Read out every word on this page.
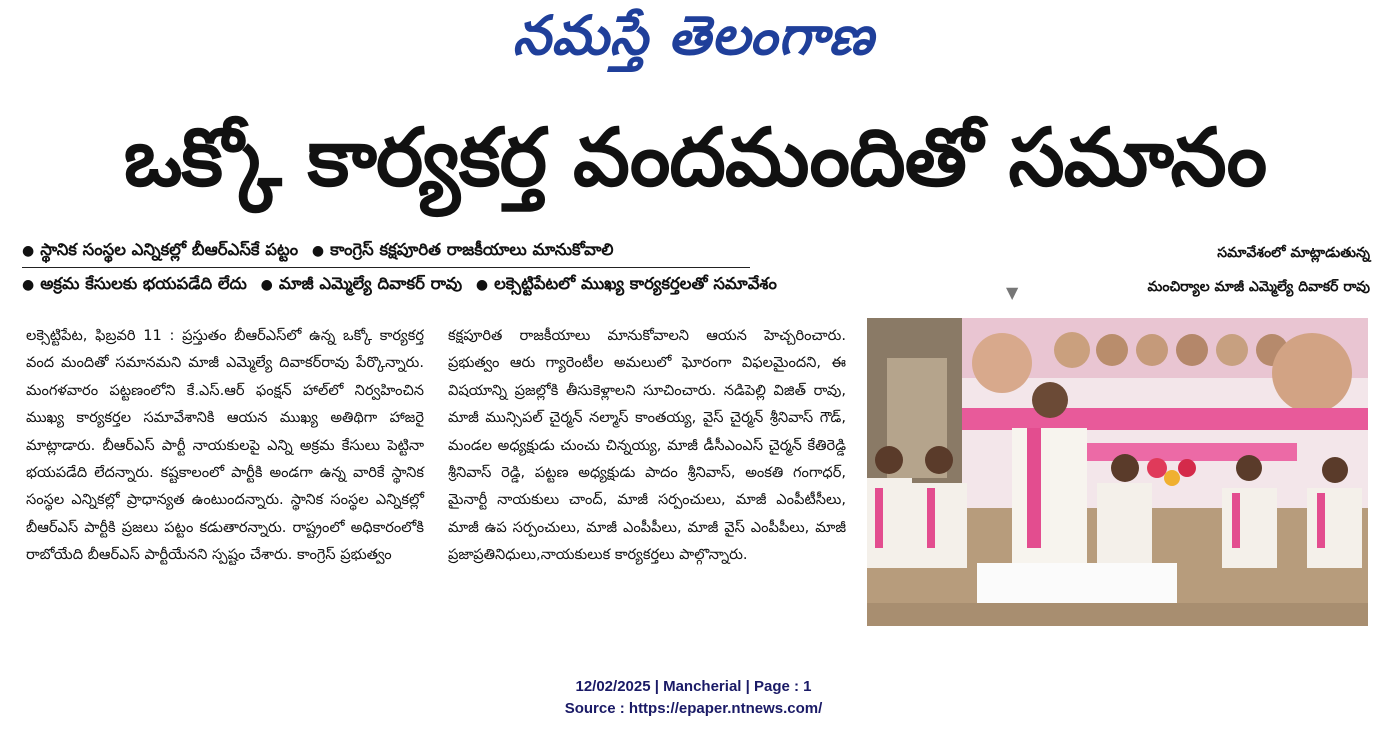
నమస్తే తెలంగాణ
ఒక్కో కార్యకర్త వందమందితో సమానం
● స్థానిక సంస్థల ఎన్నికల్లో బీఆర్ఎస్‌కే పట్టం ● కాంగ్రెస్ కక్షపూరిత రాజకీయాలు మానుకోవాలి
● అక్రమ కేసులకు భయపడేది లేదు ● మాజీ ఎమ్మెల్యే దివాకర్ రావు ● లక్సెట్టిపేటలో ముఖ్య కార్యకర్తలతో సమావేశం	▼
సమావేశంలో మాట్లాడుతున్న
మంచిర్యాల మాజీ ఎమ్మెల్యే దివాకర్ రావు

లక్సెట్టిపేట, ఫిబ్రవరి 11 : ప్రస్తుతం బీఆర్ఎస్‌లో ఉన్న ఒక్కో కార్యకర్త వంద మందితో సమానమని మాజీ ఎమ్మెల్యే దివాకర్‌రావు పేర్కొన్నారు. మంగళవారం పట్టణంలోని కే.ఎస్.ఆర్ ఫంక్షన్ హాల్‌లో నిర్వహించిన ముఖ్య కార్యకర్తల సమావేశానికి ఆయన ముఖ్య అతిథిగా హాజరై మాట్లాడారు. బీఆర్ఎస్ పార్టీ నాయకులపై ఎన్ని అక్రమ కేసులు పెట్టినా భయపడేది లేదన్నారు. కష్టకాలంలో పార్టీకి అండగా ఉన్న వారికే స్థానిక సంస్థల ఎన్నికల్లో ప్రాధాన్యత ఉంటుందన్నారు. స్థానిక సంస్థల ఎన్నికల్లో బీఆర్ఎస్ పార్టీకి ప్రజలు పట్టం కడుతారన్నారు. రాష్ట్రంలో అధికారంలోకి రాబోయేది బీఆర్ఎస్ పార్టీయేనని స్పష్టం చేశారు. కాంగ్రెస్ ప్రభుత్వం

కక్షపూరిత రాజకీయాలు మానుకోవాలని ఆయన హెచ్చరించారు. ప్రభుత్వం ఆరు గ్యారెంటీల అమలులో ఘోరంగా విఫలమైందని, ఈ విషయాన్ని ప్రజల్లోకి తీసుకెళ్లాలని సూచించారు. నడిపెల్లి విజిత్ రావు, మాజీ మున్సిపల్ చైర్మన్ నల్మాస్ కాంతయ్య, వైస్ చైర్మన్ శ్రీనివాస్ గౌడ్, మండల అధ్యక్షుడు చుంచు చిన్నయ్య, మాజీ డీసీఎంఎస్ చైర్మన్ కేతిరెడ్డి శ్రీనివాస్ రెడ్డి, పట్టణ అధ్యక్షుడు పాదం శ్రీనివాస్, అంకతి గంగాధర్, మైనార్టీ నాయకులు చాంద్, మాజీ సర్పంచులు, మాజీ ఎంపీటీసీలు, మాజీ ఉప సర్పంచులు, మాజీ ఎంపీపీలు, మాజీ వైస్ ఎంపీపీలు, మాజీ ప్రజాప్రతినిధులు,నాయకులుక కార్యకర్తలు పాల్గొన్నారు.

12/02/2025 | Mancherial | Page : 1
Source : https://epaper.ntnews.com/
